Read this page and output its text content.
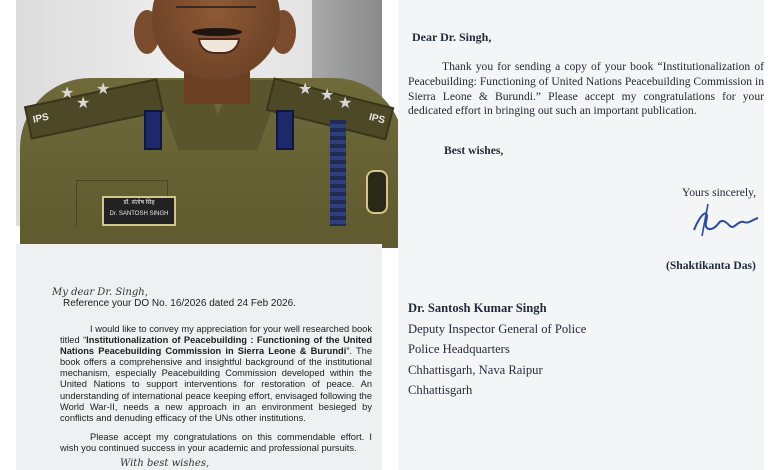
IPS	IPS
★
★
★	★ ★ ★
डॉ. संतोष सिंह
Dr. SANTOSH SINGH
My dear Dr. Singh,
Reference your DO No. 16/2026 dated 24 Feb 2026.
I would like to convey my appreciation for your well researched book titled “Institutionalization of Peacebuilding : Functioning of the United Nations Peacebuilding Commission in Sierra Leone & Burundi”. The book offers a comprehensive and insightful background of the institutional mechanism, especially Peacebuilding Commission developed within the United Nations to support interventions for restoration of peace. An understanding of international peace keeping effort, envisaged following the World War-II, needs a new approach in an environment besieged by conflicts and denuding efficacy of the UNs other institutions.
Please accept my congratulations on this commendable effort. I wish you continued success in your academic and professional pursuits.
With best wishes,
Dear Dr. Singh,
Thank you for sending a copy of your book “Institutionalization of Peacebuilding: Functioning of United Nations Peacebuilding Commission in Sierra Leone & Burundi.” Please accept my congratulations for your dedicated effort in bringing out such an important publication.
Best wishes,
Yours sincerely,
(Shaktikanta Das)
Dr. Santosh Kumar Singh
Deputy Inspector General of Police
Police Headquarters
Chhattisgarh, Nava Raipur
Chhattisgarh
